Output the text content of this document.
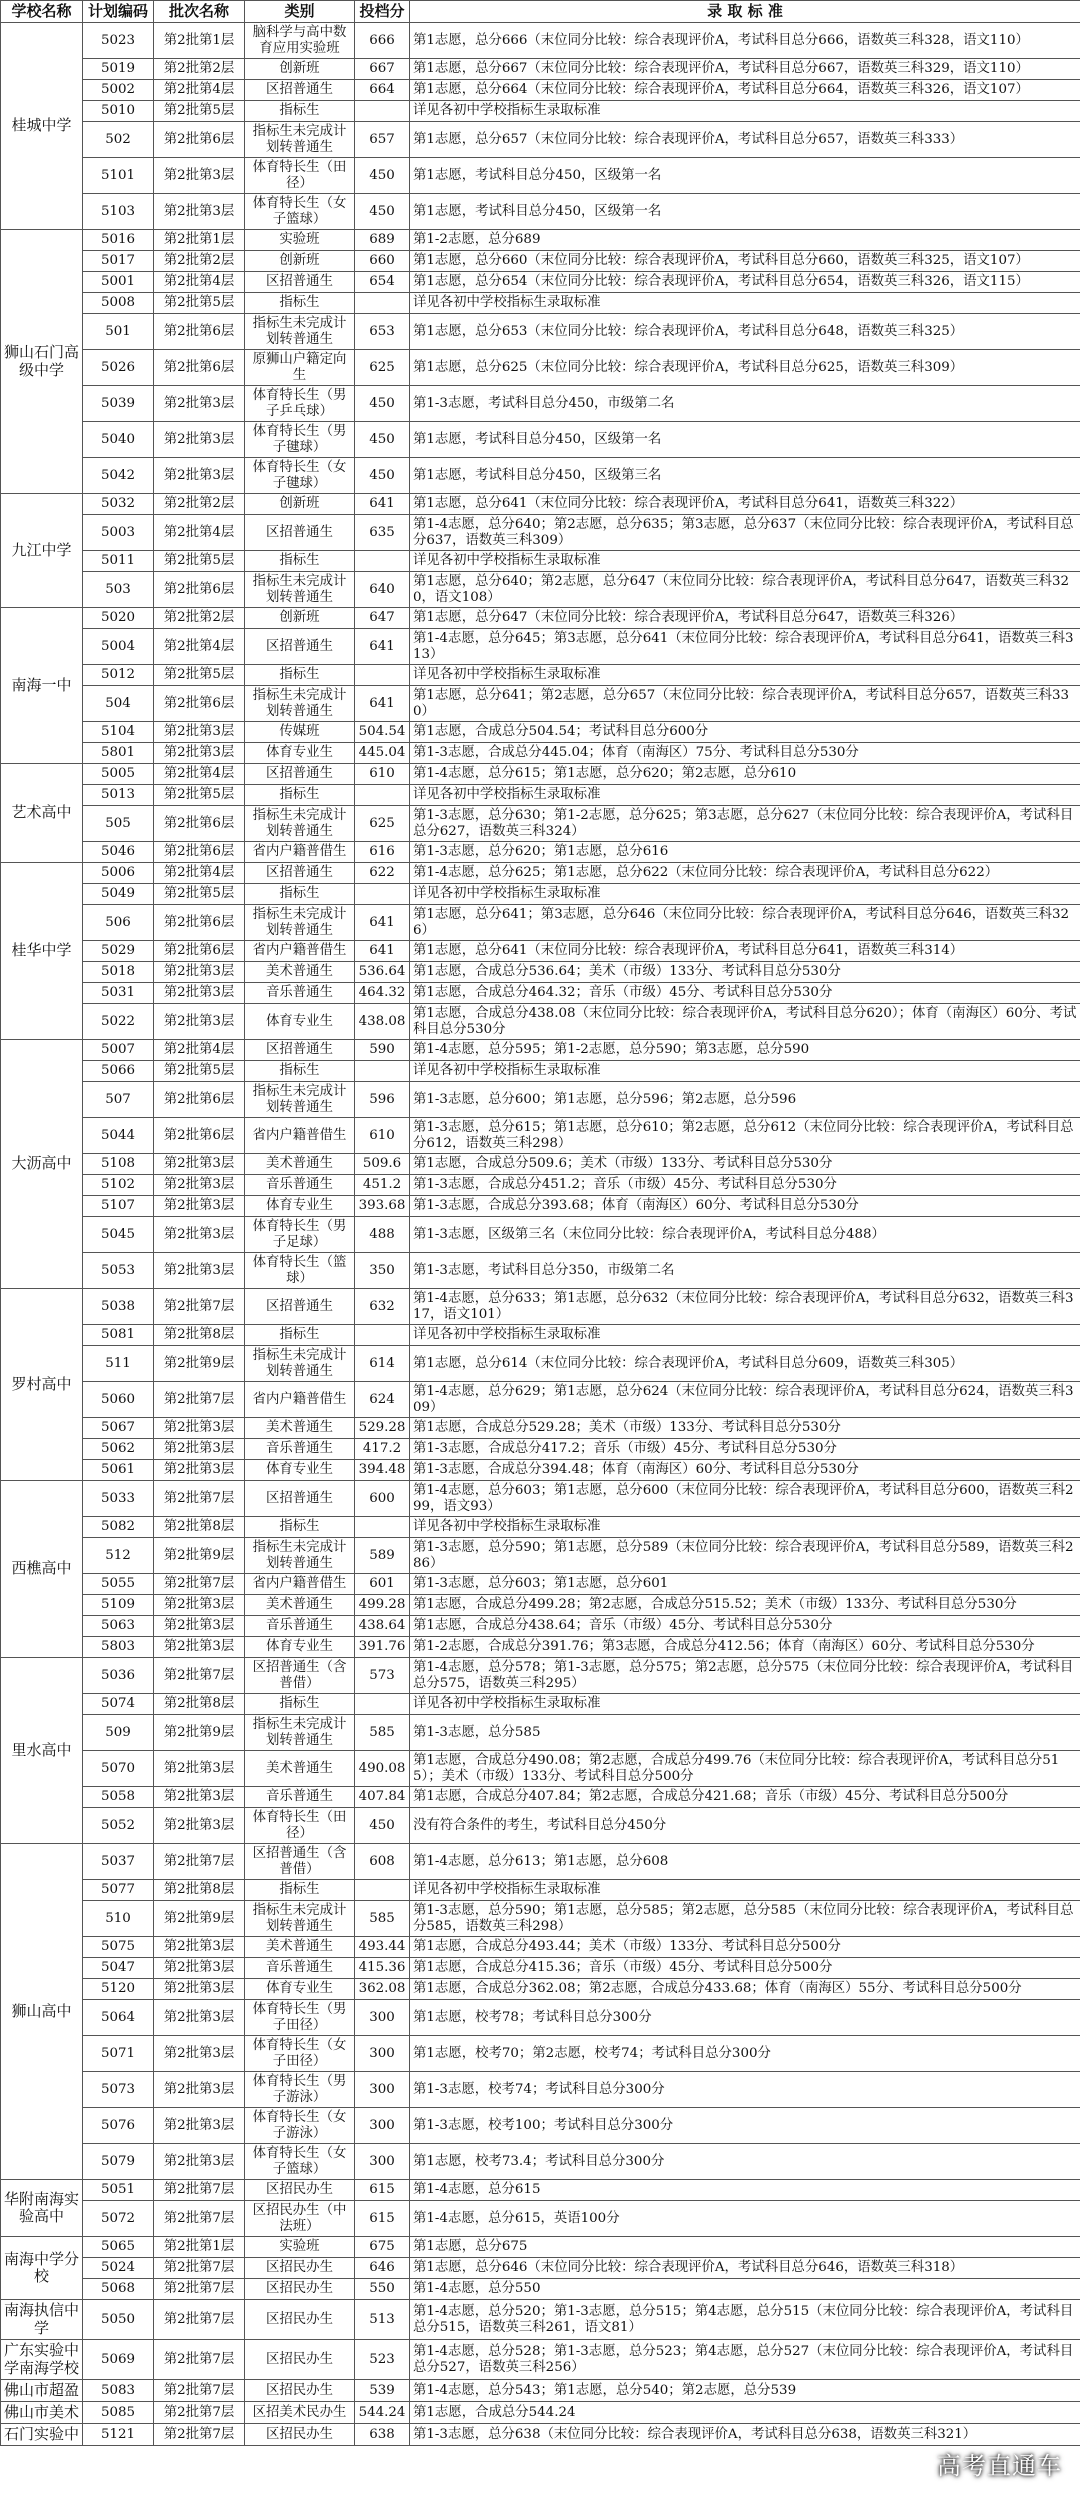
学校名称	计划编码	批次名称	类别	投档分	录 取 标 准
桂城中学	5023	第2批第1层	脑科学与高中数育应用实验班	666	第1志愿，总分666（末位同分比较：综合表现评价A，考试科目总分666，语数英三科328，语文110）
	5019	第2批第2层	创新班	667	第1志愿，总分667（末位同分比较：综合表现评价A，考试科目总分667，语数英三科329，语文110）
	5002	第2批第4层	区招普通生	664	第1志愿，总分664（末位同分比较：综合表现评价A，考试科目总分664，语数英三科326，语文107）
	5010	第2批第5层	指标生		详见各初中学校指标生录取标准
	502	第2批第6层	指标生未完成计划转普通生	657	第1志愿，总分657（末位同分比较：综合表现评价A，考试科目总分657，语数英三科333）
	5101	第2批第3层	体育特长生（田径）	450	第1志愿，考试科目总分450，区级第一名
	5103	第2批第3层	体育特长生（女子篮球）	450	第1志愿，考试科目总分450，区级第一名
狮山石门高级中学	5016	第2批第1层	实验班	689	第1-2志愿，总分689
	5017	第2批第2层	创新班	660	第1志愿，总分660（末位同分比较：综合表现评价A，考试科目总分660，语数英三科325，语文107）
	5001	第2批第4层	区招普通生	654	第1志愿，总分654（末位同分比较：综合表现评价A，考试科目总分654，语数英三科326，语文115）
	5008	第2批第5层	指标生		详见各初中学校指标生录取标准
	501	第2批第6层	指标生未完成计划转普通生	653	第1志愿，总分653（末位同分比较：综合表现评价A，考试科目总分648，语数英三科325）
	5026	第2批第6层	原狮山户籍定向生	625	第1志愿，总分625（末位同分比较：综合表现评价A，考试科目总分625，语数英三科309）
	5039	第2批第3层	体育特长生（男子乒乓球）	450	第1-3志愿，考试科目总分450，市级第二名
	5040	第2批第3层	体育特长生（男子毽球）	450	第1志愿，考试科目总分450，区级第一名
	5042	第2批第3层	体育特长生（女子毽球）	450	第1志愿，考试科目总分450，区级第三名
九江中学	5032	第2批第2层	创新班	641	第1志愿，总分641（末位同分比较：综合表现评价A，考试科目总分641，语数英三科322）
	5003	第2批第4层	区招普通生	635	第1-4志愿，总分640；第2志愿，总分635；第3志愿，总分637（末位同分比较：综合表现评价A，考试科目总分637，语数英三科309）
	5011	第2批第5层	指标生		详见各初中学校指标生录取标准
	503	第2批第6层	指标生未完成计划转普通生	640	第1志愿，总分640；第2志愿，总分647（末位同分比较：综合表现评价A，考试科目总分647，语数英三科320，语文108）
南海一中	5020	第2批第2层	创新班	647	第1志愿，总分647（末位同分比较：综合表现评价A，考试科目总分647，语数英三科326）
	5004	第2批第4层	区招普通生	641	第1-4志愿，总分645；第3志愿，总分641（末位同分比较：综合表现评价A，考试科目总分641，语数英三科313）
	5012	第2批第5层	指标生		详见各初中学校指标生录取标准
	504	第2批第6层	指标生未完成计划转普通生	641	第1志愿，总分641；第2志愿，总分657（末位同分比较：综合表现评价A，考试科目总分657，语数英三科330）
	5104	第2批第3层	传媒班	504.54	第1志愿，合成总分504.54；考试科目总分600分
	5801	第2批第3层	体育专业生	445.04	第1-3志愿，合成总分445.04；体育（南海区）75分、考试科目总分530分
艺术高中	5005	第2批第4层	区招普通生	610	第1-4志愿，总分615；第1志愿，总分620；第2志愿，总分610
	5013	第2批第5层	指标生		详见各初中学校指标生录取标准
	505	第2批第6层	指标生未完成计划转普通生	625	第1-3志愿，总分630；第1-2志愿，总分625；第3志愿，总分627（末位同分比较：综合表现评价A，考试科目总分627，语数英三科324）
	5046	第2批第6层	省内户籍普借生	616	第1-3志愿，总分620；第1志愿，总分616
桂华中学	5006	第2批第4层	区招普通生	622	第1-4志愿，总分625；第1志愿，总分622（末位同分比较：综合表现评价A，考试科目总分622）
	5049	第2批第5层	指标生		详见各初中学校指标生录取标准
	506	第2批第6层	指标生未完成计划转普通生	641	第1志愿，总分641；第3志愿，总分646（末位同分比较：综合表现评价A，考试科目总分646，语数英三科326）
	5029	第2批第6层	省内户籍普借生	641	第1志愿，总分641（末位同分比较：综合表现评价A，考试科目总分641，语数英三科314）
	5018	第2批第3层	美术普通生	536.64	第1志愿，合成总分536.64；美术（市级）133分、考试科目总分530分
	5031	第2批第3层	音乐普通生	464.32	第1志愿，合成总分464.32；音乐（市级）45分、考试科目总分530分
	5022	第2批第3层	体育专业生	438.08	第1志愿，合成总分438.08（末位同分比较：综合表现评价A，考试科目总分620）；体育（南海区）60分、考试科目总分530分
大沥高中	5007	第2批第4层	区招普通生	590	第1-4志愿，总分595；第1-2志愿，总分590；第3志愿，总分590
	5066	第2批第5层	指标生		详见各初中学校指标生录取标准
	507	第2批第6层	指标生未完成计划转普通生	596	第1-3志愿，总分600；第1志愿，总分596；第2志愿，总分596
	5044	第2批第6层	省内户籍普借生	610	第1-3志愿，总分615；第1志愿，总分610；第2志愿，总分612（末位同分比较：综合表现评价A，考试科目总分612，语数英三科298）
	5108	第2批第3层	美术普通生	509.6	第1志愿，合成总分509.6；美术（市级）133分、考试科目总分530分
	5102	第2批第3层	音乐普通生	451.2	第1-3志愿，合成总分451.2；音乐（市级）45分、考试科目总分530分
	5107	第2批第3层	体育专业生	393.68	第1-3志愿，合成总分393.68；体育（南海区）60分、考试科目总分530分
	5045	第2批第3层	体育特长生（男子足球）	488	第1-3志愿，区级第三名（末位同分比较：综合表现评价A，考试科目总分488）
	5053	第2批第3层	体育特长生（篮球）	350	第1-3志愿，考试科目总分350，市级第二名
罗村高中	5038	第2批第7层	区招普通生	632	第1-4志愿，总分633；第1志愿，总分632（末位同分比较：综合表现评价A，考试科目总分632，语数英三科317，语文101）
	5081	第2批第8层	指标生		详见各初中学校指标生录取标准
	511	第2批第9层	指标生未完成计划转普通生	614	第1志愿，总分614（末位同分比较：综合表现评价A，考试科目总分609，语数英三科305）
	5060	第2批第7层	省内户籍普借生	624	第1-4志愿，总分629；第1志愿，总分624（末位同分比较：综合表现评价A，考试科目总分624，语数英三科309）
	5067	第2批第3层	美术普通生	529.28	第1志愿，合成总分529.28；美术（市级）133分、考试科目总分530分
	5062	第2批第3层	音乐普通生	417.2	第1-3志愿，合成总分417.2；音乐（市级）45分、考试科目总分530分
	5061	第2批第3层	体育专业生	394.48	第1-3志愿，合成总分394.48；体育（南海区）60分、考试科目总分530分
西樵高中	5033	第2批第7层	区招普通生	600	第1-4志愿，总分603；第1志愿，总分600（末位同分比较：综合表现评价A，考试科目总分600，语数英三科299，语文93）
	5082	第2批第8层	指标生		详见各初中学校指标生录取标准
	512	第2批第9层	指标生未完成计划转普通生	589	第1-3志愿，总分590；第1志愿，总分589（末位同分比较：综合表现评价A，考试科目总分589，语数英三科286）
	5055	第2批第7层	省内户籍普借生	601	第1-3志愿，总分603；第1志愿，总分601
	5109	第2批第3层	美术普通生	499.28	第1志愿，合成总分499.28；第2志愿，合成总分515.52；美术（市级）133分、考试科目总分530分
	5063	第2批第3层	音乐普通生	438.64	第1志愿，合成总分438.64；音乐（市级）45分、考试科目总分530分
	5803	第2批第3层	体育专业生	391.76	第1-2志愿，合成总分391.76；第3志愿，合成总分412.56；体育（南海区）60分、考试科目总分530分
里水高中	5036	第2批第7层	区招普通生（含普借）	573	第1-4志愿，总分578；第1-3志愿，总分575；第2志愿，总分575（末位同分比较：综合表现评价A，考试科目总分575，语数英三科295）
	5074	第2批第8层	指标生		详见各初中学校指标生录取标准
	509	第2批第9层	指标生未完成计划转普通生	585	第1-3志愿，总分585
	5070	第2批第3层	美术普通生	490.08	第1志愿，合成总分490.08；第2志愿，合成总分499.76（末位同分比较：综合表现评价A，考试科目总分515）；美术（市级）133分、考试科目总分500分
	5058	第2批第3层	音乐普通生	407.84	第1志愿，合成总分407.84；第2志愿，合成总分421.68；音乐（市级）45分、考试科目总分500分
	5052	第2批第3层	体育特长生（田径）	450	没有符合条件的考生，考试科目总分450分
狮山高中	5037	第2批第7层	区招普通生（含普借）	608	第1-4志愿，总分613；第1志愿，总分608
	5077	第2批第8层	指标生		详见各初中学校指标生录取标准
	510	第2批第9层	指标生未完成计划转普通生	585	第1-3志愿，总分590；第1志愿，总分585；第2志愿，总分585（末位同分比较：综合表现评价A，考试科目总分585，语数英三科298）
	5075	第2批第3层	美术普通生	493.44	第1志愿，合成总分493.44；美术（市级）133分、考试科目总分500分
	5047	第2批第3层	音乐普通生	415.36	第1志愿，合成总分415.36；音乐（市级）45分、考试科目总分500分
	5120	第2批第3层	体育专业生	362.08	第1志愿，合成总分362.08；第2志愿，合成总分433.68；体育（南海区）55分、考试科目总分500分
	5064	第2批第3层	体育特长生（男子田径）	300	第1志愿，校考78；考试科目总分300分
	5071	第2批第3层	体育特长生（女子田径）	300	第1志愿，校考70；第2志愿，校考74；考试科目总分300分
	5073	第2批第3层	体育特长生（男子游泳）	300	第1-3志愿，校考74；考试科目总分300分
	5076	第2批第3层	体育特长生（女子游泳）	300	第1-3志愿，校考100；考试科目总分300分
	5079	第2批第3层	体育特长生（女子篮球）	300	第1志愿，校考73.4；考试科目总分300分
华附南海实验高中	5051	第2批第7层	区招民办生	615	第1-4志愿，总分615
	5072	第2批第7层	区招民办生（中法班）	615	第1-4志愿，总分615，英语100分
南海中学分校	5065	第2批第1层	实验班	675	第1志愿，总分675
	5024	第2批第7层	区招民办生	646	第1志愿，总分646（末位同分比较：综合表现评价A，考试科目总分646，语数英三科318）
	5068	第2批第7层	区招民办生	550	第1-4志愿，总分550
南海执信中学	5050	第2批第7层	区招民办生	513	第1-4志愿，总分520；第1-3志愿，总分515；第4志愿，总分515（末位同分比较：综合表现评价A，考试科目总分515，语数英三科261，语文81）
广东实验中学南海学校	5069	第2批第7层	区招民办生	523	第1-4志愿，总分528；第1-3志愿，总分523；第4志愿，总分527（末位同分比较：综合表现评价A，考试科目总分527，语数英三科256）
佛山市超盈	5083	第2批第7层	区招民办生	539	第1-4志愿，总分543；第1志愿，总分540；第2志愿，总分539
佛山市美术	5085	第2批第7层	区招美术民办生	544.24	第1志愿，合成总分544.24
石门实验中	5121	第2批第7层	区招民办生	638	第1-3志愿，总分638（末位同分比较：综合表现评价A，考试科目总分638，语数英三科321）
高考直通车
